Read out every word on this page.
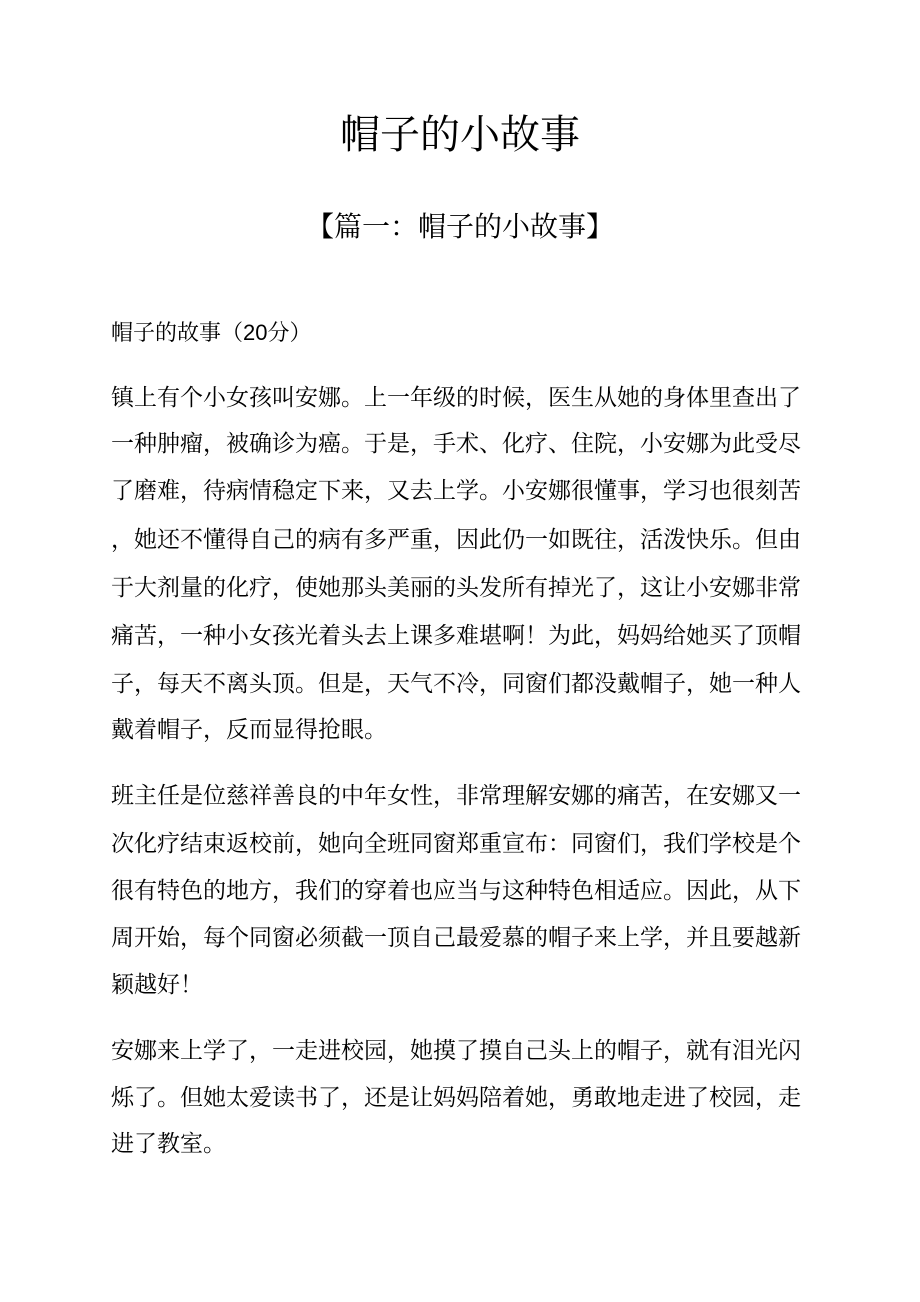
帽子的小故事
【篇一：帽子的小故事】
帽子的故事（20分）
镇上有个小女孩叫安娜。上一年级的时候，医生从她的身体里查出了
一种肿瘤，被确诊为癌。于是，手术、化疗、住院，小安娜为此受尽
了磨难，待病情稳定下来，又去上学。小安娜很懂事，学习也很刻苦
，她还不懂得自己的病有多严重，因此仍一如既往，活泼快乐。但由
于大剂量的化疗，使她那头美丽的头发所有掉光了，这让小安娜非常
痛苦，一种小女孩光着头去上课多难堪啊！为此，妈妈给她买了顶帽
子，每天不离头顶。但是，天气不冷，同窗们都没戴帽子，她一种人
戴着帽子，反而显得抢眼。
班主任是位慈祥善良的中年女性，非常理解安娜的痛苦，在安娜又一
次化疗结束返校前，她向全班同窗郑重宣布：同窗们，我们学校是个
很有特色的地方，我们的穿着也应当与这种特色相适应。因此，从下
周开始，每个同窗必须截一顶自己最爱慕的帽子来上学，并且要越新
颖越好！
安娜来上学了，一走进校园，她摸了摸自己头上的帽子，就有泪光闪
烁了。但她太爱读书了，还是让妈妈陪着她，勇敢地走进了校园，走
进了教室。
